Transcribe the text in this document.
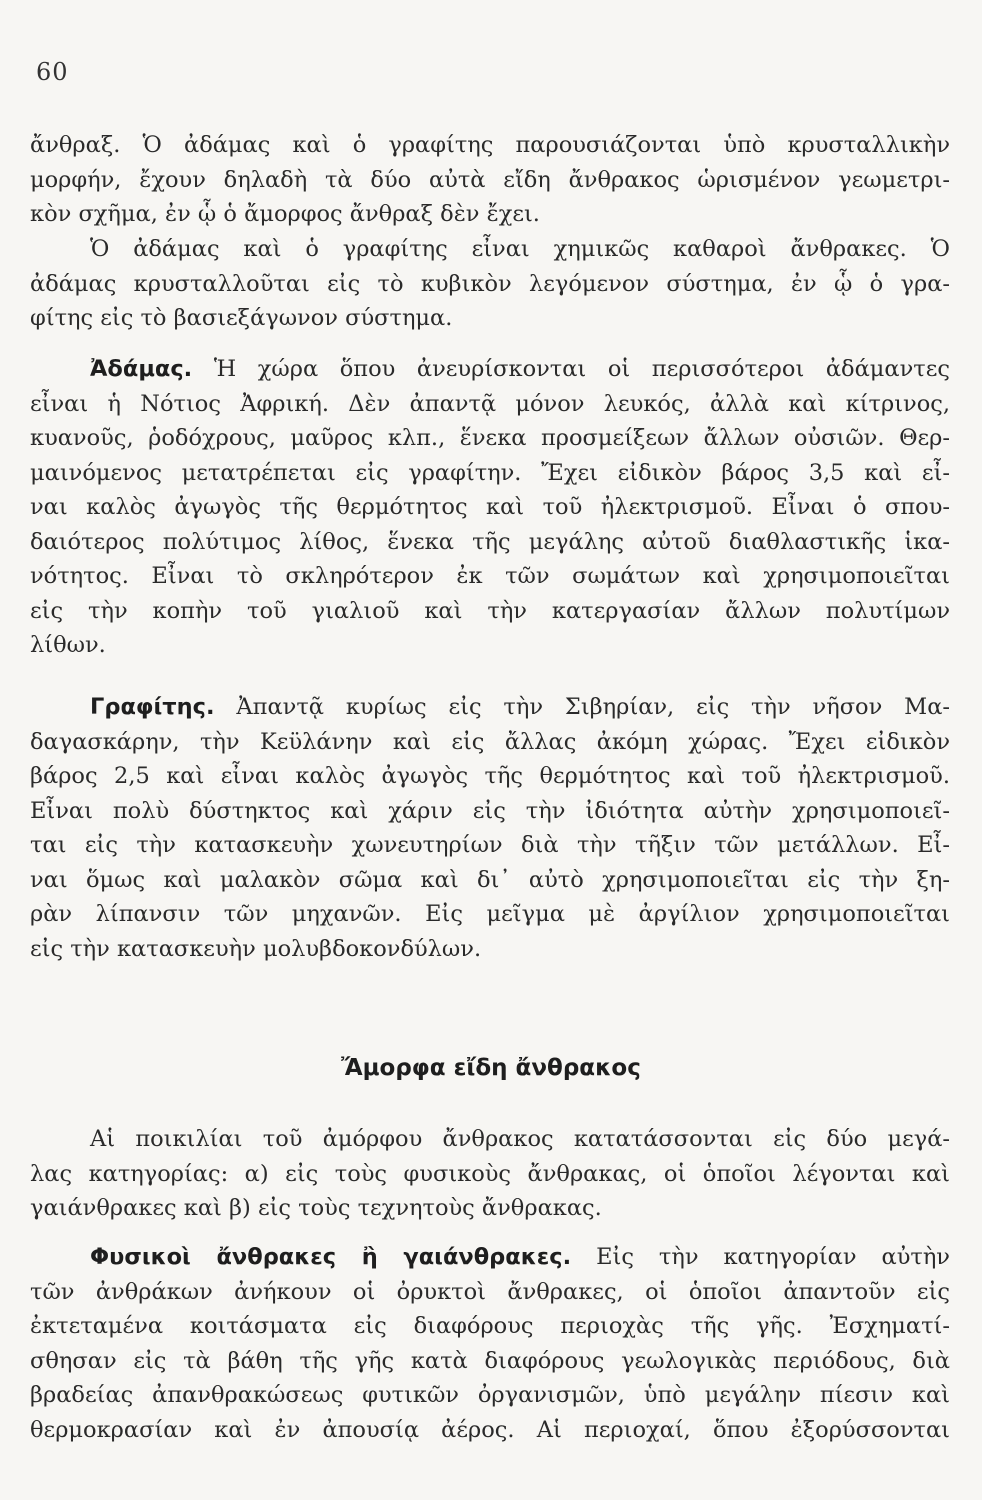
60
ἄνθραξ. Ὁ ἀδάμας καὶ ὁ γραφίτης παρουσιάζονται ὑπὸ κρυσταλλικὴν
μορφήν, ἔχουν δηλαδὴ τὰ δύο αὐτὰ εἴδη ἄνθρακος ὡρισμένον γεωμετρι-
κὸν σχῆμα, ἐν ᾧ ὁ ἄμορφος ἄνθραξ δὲν ἔχει.
Ὁ ἀδάμας καὶ ὁ γραφίτης εἶναι χημικῶς καθαροὶ ἄνθρακες. Ὁ
ἀδάμας κρυσταλλοῦται εἰς τὸ κυβικὸν λεγόμενον σύστημα, ἐν ᾧ ὁ γρα-
φίτης εἰς τὸ βασιεξάγωνον σύστημα.
Ἀδάμας. Ἡ χώρα ὅπου ἀνευρίσκονται οἱ περισσότεροι ἀδάμαντες
εἶναι ἡ Νότιος Ἀφρική. Δὲν ἀπαντᾷ μόνον λευκός, ἀλλὰ καὶ κίτρινος,
κυανοῦς, ῥοδόχρους, μαῦρος κλπ., ἕνεκα προσμείξεων ἄλλων οὐσιῶν. Θερ-
μαινόμενος μετατρέπεται εἰς γραφίτην. Ἔχει εἰδικὸν βάρος 3,5 καὶ εἶ-
ναι καλὸς ἀγωγὸς τῆς θερμότητος καὶ τοῦ ἠλεκτρισμοῦ. Εἶναι ὁ σπου-
δαιότερος πολύτιμος λίθος, ἕνεκα τῆς μεγάλης αὐτοῦ διαθλαστικῆς ἱκα-
νότητος. Εἶναι τὸ σκληρότερον ἐκ τῶν σωμάτων καὶ χρησιμοποιεῖται
εἰς τὴν κοπὴν τοῦ γιαλιοῦ καὶ τὴν κατεργασίαν ἄλλων πολυτίμων
λίθων.
Γραφίτης. Ἀπαντᾷ κυρίως εἰς τὴν Σιβηρίαν, εἰς τὴν νῆσον Μα-
δαγασκάρην, τὴν Κεϋλάνην καὶ εἰς ἄλλας ἀκόμη χώρας. Ἔχει εἰδικὸν
βάρος 2,5 καὶ εἶναι καλὸς ἀγωγὸς τῆς θερμότητος καὶ τοῦ ἠλεκτρισμοῦ.
Εἶναι πολὺ δύστηκτος καὶ χάριν εἰς τὴν ἰδιότητα αὐτὴν χρησιμοποιεῖ-
ται εἰς τὴν κατασκευὴν χωνευτηρίων διὰ τὴν τῆξιν τῶν μετάλλων. Εἶ-
ναι ὅμως καὶ μαλακὸν σῶμα καὶ δι᾽ αὐτὸ χρησιμοποιεῖται εἰς τὴν ξη-
ρὰν λίπανσιν τῶν μηχανῶν. Εἰς μεῖγμα μὲ ἀργίλιον χρησιμοποιεῖται
εἰς τὴν κατασκευὴν μολυβδοκονδύλων.
Ἄμορφα εἴδη ἄνθρακος
Αἱ ποικιλίαι τοῦ ἀμόρφου ἄνθρακος κατατάσσονται εἰς δύο μεγά-
λας κατηγορίας: α) εἰς τοὺς φυσικοὺς ἄνθρακας, οἱ ὁποῖοι λέγονται καὶ
γαιάνθρακες καὶ β) εἰς τοὺς τεχνητοὺς ἄνθρακας.
Φυσικοὶ ἄνθρακες ἢ γαιάνθρακες. Εἰς τὴν κατηγορίαν αὐτὴν
τῶν ἀνθράκων ἀνήκουν οἱ ὀρυκτοὶ ἄνθρακες, οἱ ὁποῖοι ἀπαντοῦν εἰς
ἐκτεταμένα κοιτάσματα εἰς διαφόρους περιοχὰς τῆς γῆς. Ἐσχηματί-
σθησαν εἰς τὰ βάθη τῆς γῆς κατὰ διαφόρους γεωλογικὰς περιόδους, διὰ
βραδείας ἀπανθρακώσεως φυτικῶν ὀργανισμῶν, ὑπὸ μεγάλην πίεσιν καὶ
θερμοκρασίαν καὶ ἐν ἀπουσίᾳ ἀέρος. Αἱ περιοχαί, ὅπου ἐξορύσσονται
